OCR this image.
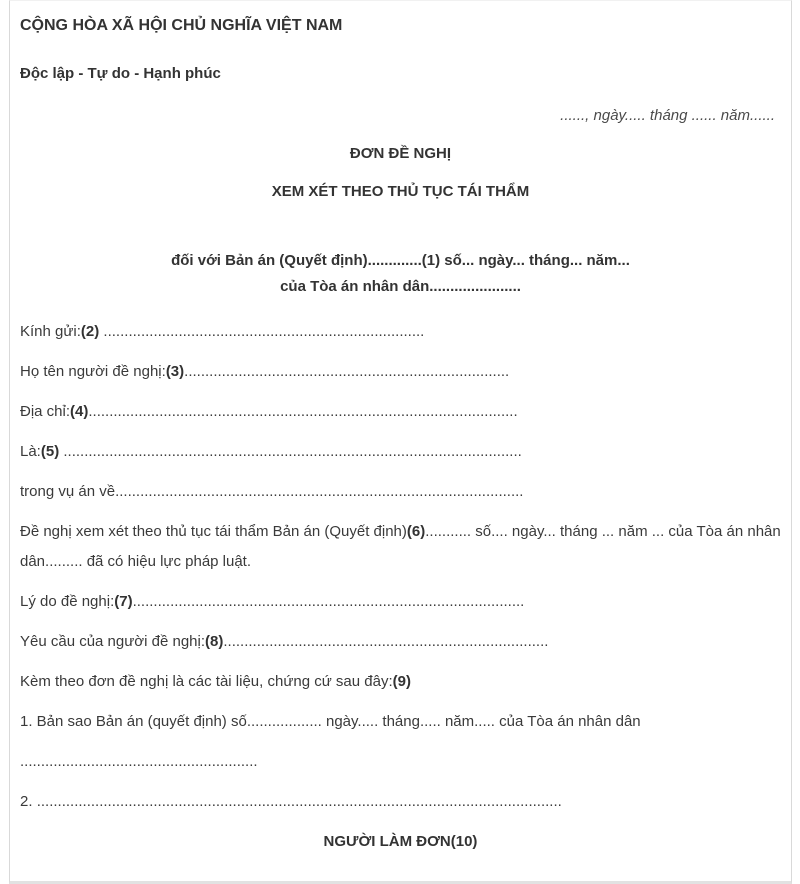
CỘNG HÒA XÃ HỘI CHỦ NGHĨA VIỆT NAM
Độc lập - Tự do - Hạnh phúc
......, ngày..... tháng ...... năm......
ĐƠN ĐỀ NGHỊ
XEM XÉT THEO THỦ TỤC TÁI THẨM
đối với Bản án (Quyết định).............(1) số... ngày... tháng... năm...
của Tòa án nhân dân......................

Kính gửi:(2) .............................................................................

Họ tên người đề nghị:(3)..............................................................................

Địa chỉ:(4).......................................................................................................

Là:(5) ..............................................................................................................

trong vụ án về..................................................................................................

Đề nghị xem xét theo thủ tục tái thẩm Bản án (Quyết định)(6)........... số.... ngày... tháng ... năm ... của Tòa án nhân dân......... đã có hiệu lực pháp luật.

Lý do đề nghị:(7)..............................................................................................

Yêu cầu của người đề nghị:(8)..............................................................................

Kèm theo đơn đề nghị là các tài liệu, chứng cứ sau đây:(9)

1. Bản sao Bản án (quyết định) số.................. ngày..... tháng..... năm..... của Tòa án nhân dân

.........................................................

2. ..............................................................................................................................

NGƯỜI LÀM ĐƠN(10)
